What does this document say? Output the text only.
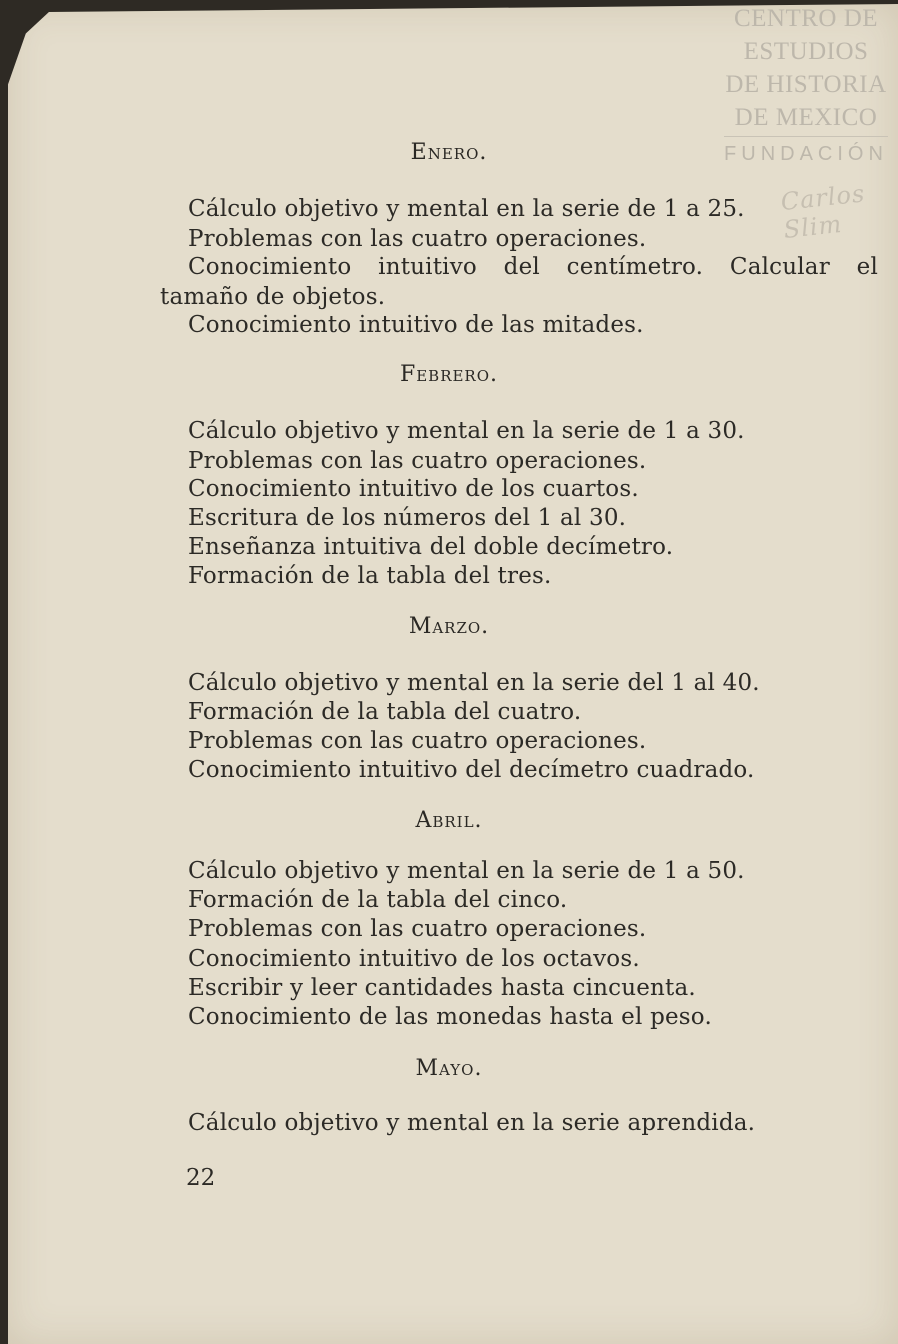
CENTRO DE
ESTUDIOS
DE HISTORIA
DE MEXICO
FUNDACIÓN
Carlos Slim
Enero.
Cálculo objetivo y mental en la serie de 1 a 25.
Problemas con las cuatro operaciones.
Conocimiento intuitivo del centímetro. Calcular el
tamaño de objetos.
Conocimiento intuitivo de las mitades.
Febrero.
Cálculo objetivo y mental en la serie de 1 a 30.
Problemas con las cuatro operaciones.
Conocimiento intuitivo de los cuartos.
Escritura de los números del 1 al 30.
Enseñanza intuitiva del doble decímetro.
Formación de la tabla del tres.
Marzo.
Cálculo objetivo y mental en la serie del 1 al 40.
Formación de la tabla del cuatro.
Problemas con las cuatro operaciones.
Conocimiento intuitivo del decímetro cuadrado.
Abril.
Cálculo objetivo y mental en la serie de 1 a 50.
Formación de la tabla del cinco.
Problemas con las cuatro operaciones.
Conocimiento intuitivo de los octavos.
Escribir y leer cantidades hasta cincuenta.
Conocimiento de las monedas hasta el peso.
Mayo.
Cálculo objetivo y mental en la serie aprendida.
22
